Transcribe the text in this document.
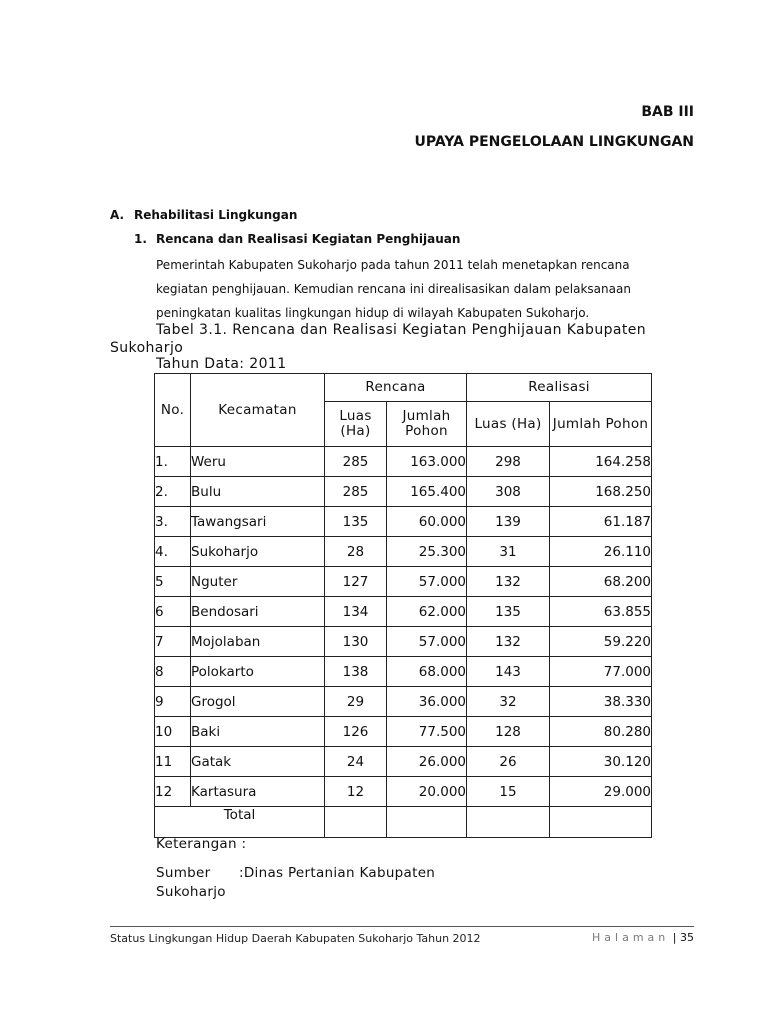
BAB III
UPAYA PENGELOLAAN LINGKUNGAN
A. Rehabilitasi Lingkungan
1. Rencana dan Realisasi Kegiatan Penghijauan
Pemerintah Kabupaten Sukoharjo pada tahun 2011 telah menetapkan rencana
kegiatan penghijauan. Kemudian rencana ini direalisasikan dalam pelaksanaan
peningkatan kualitas lingkungan hidup di wilayah Kabupaten Sukoharjo.
Tabel 3.1. Rencana dan Realisasi Kegiatan Penghijauan Kabupaten
Sukoharjo
Tahun Data: 2011
No.	Kecamatan	Rencana		Realisasi	
		Luas (Ha)	Jumlah Pohon	Luas (Ha)	Jumlah Pohon
1.	Weru	285	163.000	298	164.258
2.	Bulu	285	165.400	308	168.250
3.	Tawangsari	135	60.000	139	61.187
4.	Sukoharjo	28	25.300	31	26.110
5	Nguter	127	57.000	132	68.200
6	Bendosari	134	62.000	135	63.855
7	Mojolaban	130	57.000	132	59.220
8	Polokarto	138	68.000	143	77.000
9	Grogol	29	36.000	32	38.330
10	Baki	126	77.500	128	80.280
11	Gatak	24	26.000	26	30.120
12	Kartasura	12	20.000	15	29.000
Total					
Keterangan :
Sumber :Dinas Pertanian Kabupaten
Sukoharjo
Status Lingkungan Hidup Daerah Kabupaten Sukoharjo Tahun 2012	Halaman | 35
